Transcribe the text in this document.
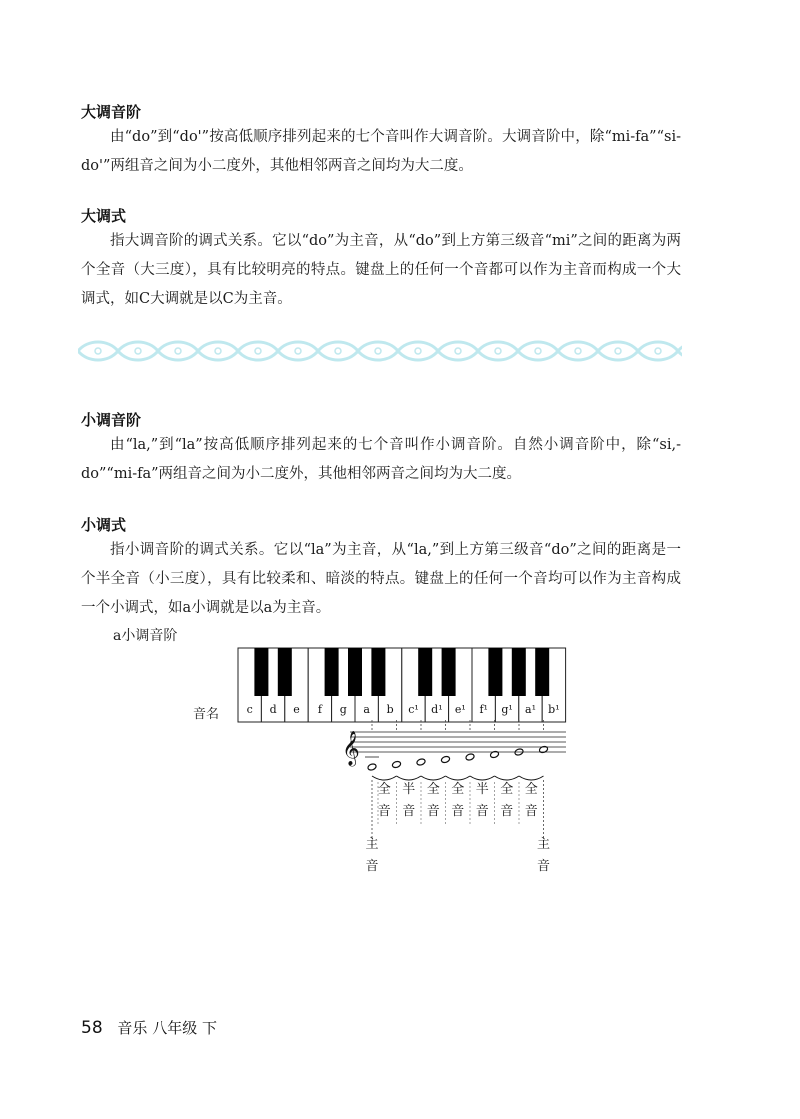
大调音阶

由“do”到“do'”按高低顺序排列起来的七个音叫作大调音阶。大调音阶中，除“mi-fa”“si-do'”两组音之间为小二度外，其他相邻两音之间均为大二度。

大调式

指大调音阶的调式关系。它以“do”为主音，从“do”到上方第三级音“mi”之间的距离为两个全音（大三度），具有比较明亮的特点。键盘上的任何一个音都可以作为主音而构成一个大调式，如C大调就是以C为主音。

小调音阶

由“la,”到“la”按高低顺序排列起来的七个音叫作小调音阶。自然小调音阶中，除“si,-do”“mi-fa”两组音之间为小二度外，其他相邻两音之间均为大二度。

小调式

指小调音阶的调式关系。它以“la”为主音，从“la,”到上方第三级音“do”之间的距离是一个半全音（小三度），具有比较柔和、暗淡的特点。键盘上的任何一个音均可以作为主音构成一个小调式，如a小调就是以a为主音。

a小调音阶
音名	c d e f g a b c¹ d¹ e¹ f¹ g¹ a¹ b¹
𝄞
全
音
半
音
全
音
全
音
半
音
全
音
全
音
主
音
主
音
58 音乐 八年级 下
